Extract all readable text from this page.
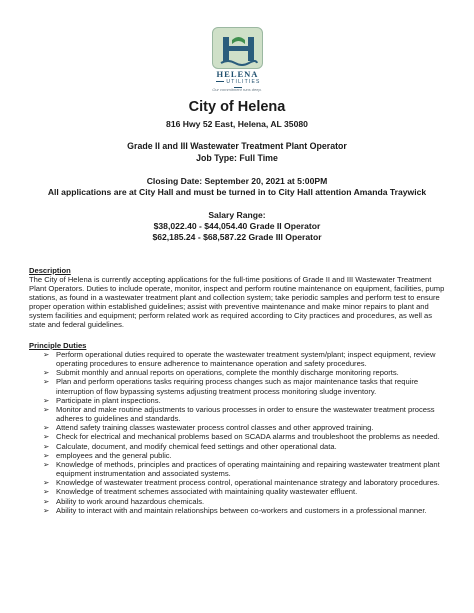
HELENA
UTILITIES
Our commitment runs deep.
City of Helena
816 Hwy 52 East, Helena, AL 35080
Grade II and III Wastewater Treatment Plant Operator
Job Type: Full Time
Closing Date: September 20, 2021 at 5:00PM
All applications are at City Hall and must be turned in to City Hall attention Amanda Traywick
Salary Range:
$38,022.40 - $44,054.40 Grade II Operator
$62,185.24 - $68,587.22 Grade III Operator
Description
The City of Helena is currently accepting applications for the full-time positions of Grade II and III Wastewater Treatment Plant Operators. Duties to include operate, monitor, inspect and perform routine maintenance on equipment, facilities, pump stations, as found in a wastewater treatment plant and collection system; take periodic samples and perform test to ensure proper operation within established guidelines; assist with preventive maintenance and make minor repairs to plant and system facilities and equipment; perform related work as required according to City practices and procedures, as well as state and federal guidelines.
Principle Duties
➢ Perform operational duties required to operate the wastewater treatment system/plant; inspect equipment, review operating procedures to ensure adherence to maintenance operation and safety procedures.
➢ Submit monthly and annual reports on operations, complete the monthly discharge monitoring reports.
➢ Plan and perform operations tasks requiring process changes such as major maintenance tasks that require interruption of flow bypassing systems adjusting treatment process monitoring sludge inventory.
➢ Participate in plant inspections.
➢ Monitor and make routine adjustments to various processes in order to ensure the wastewater treatment process adheres to guidelines and standards.
➢ Attend safety training classes wastewater process control classes and other approved training.
➢ Check for electrical and mechanical problems based on SCADA alarms and troubleshoot the problems as needed.
➢ Calculate, document, and modify chemical feed settings and other operational data.
➢ employees and the general public.
➢ Knowledge of methods, principles and practices of operating maintaining and repairing wastewater treatment plant equipment instrumentation and associated systems.
➢ Knowledge of wastewater treatment process control, operational maintenance strategy and laboratory procedures.
➢ Knowledge of treatment schemes associated with maintaining quality wastewater effluent.
➢ Ability to work around hazardous chemicals.
➢ Ability to interact with and maintain relationships between co-workers and customers in a professional manner.
